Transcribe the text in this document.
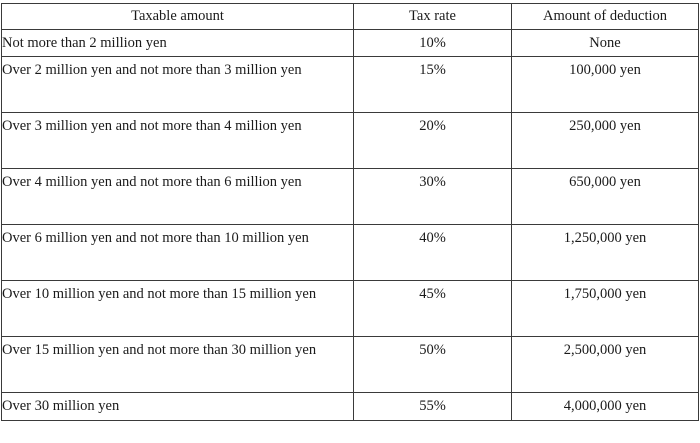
Taxable amount	Tax rate	Amount of deduction
Not more than 2 million yen	10%	None
Over 2 million yen and not more than 3 million yen	15%	100,000 yen
Over 3 million yen and not more than 4 million yen	20%	250,000 yen
Over 4 million yen and not more than 6 million yen	30%	650,000 yen
Over 6 million yen and not more than 10 million yen	40%	1,250,000 yen
Over 10 million yen and not more than 15 million yen	45%	1,750,000 yen
Over 15 million yen and not more than 30 million yen	50%	2,500,000 yen
Over 30 million yen	55%	4,000,000 yen
